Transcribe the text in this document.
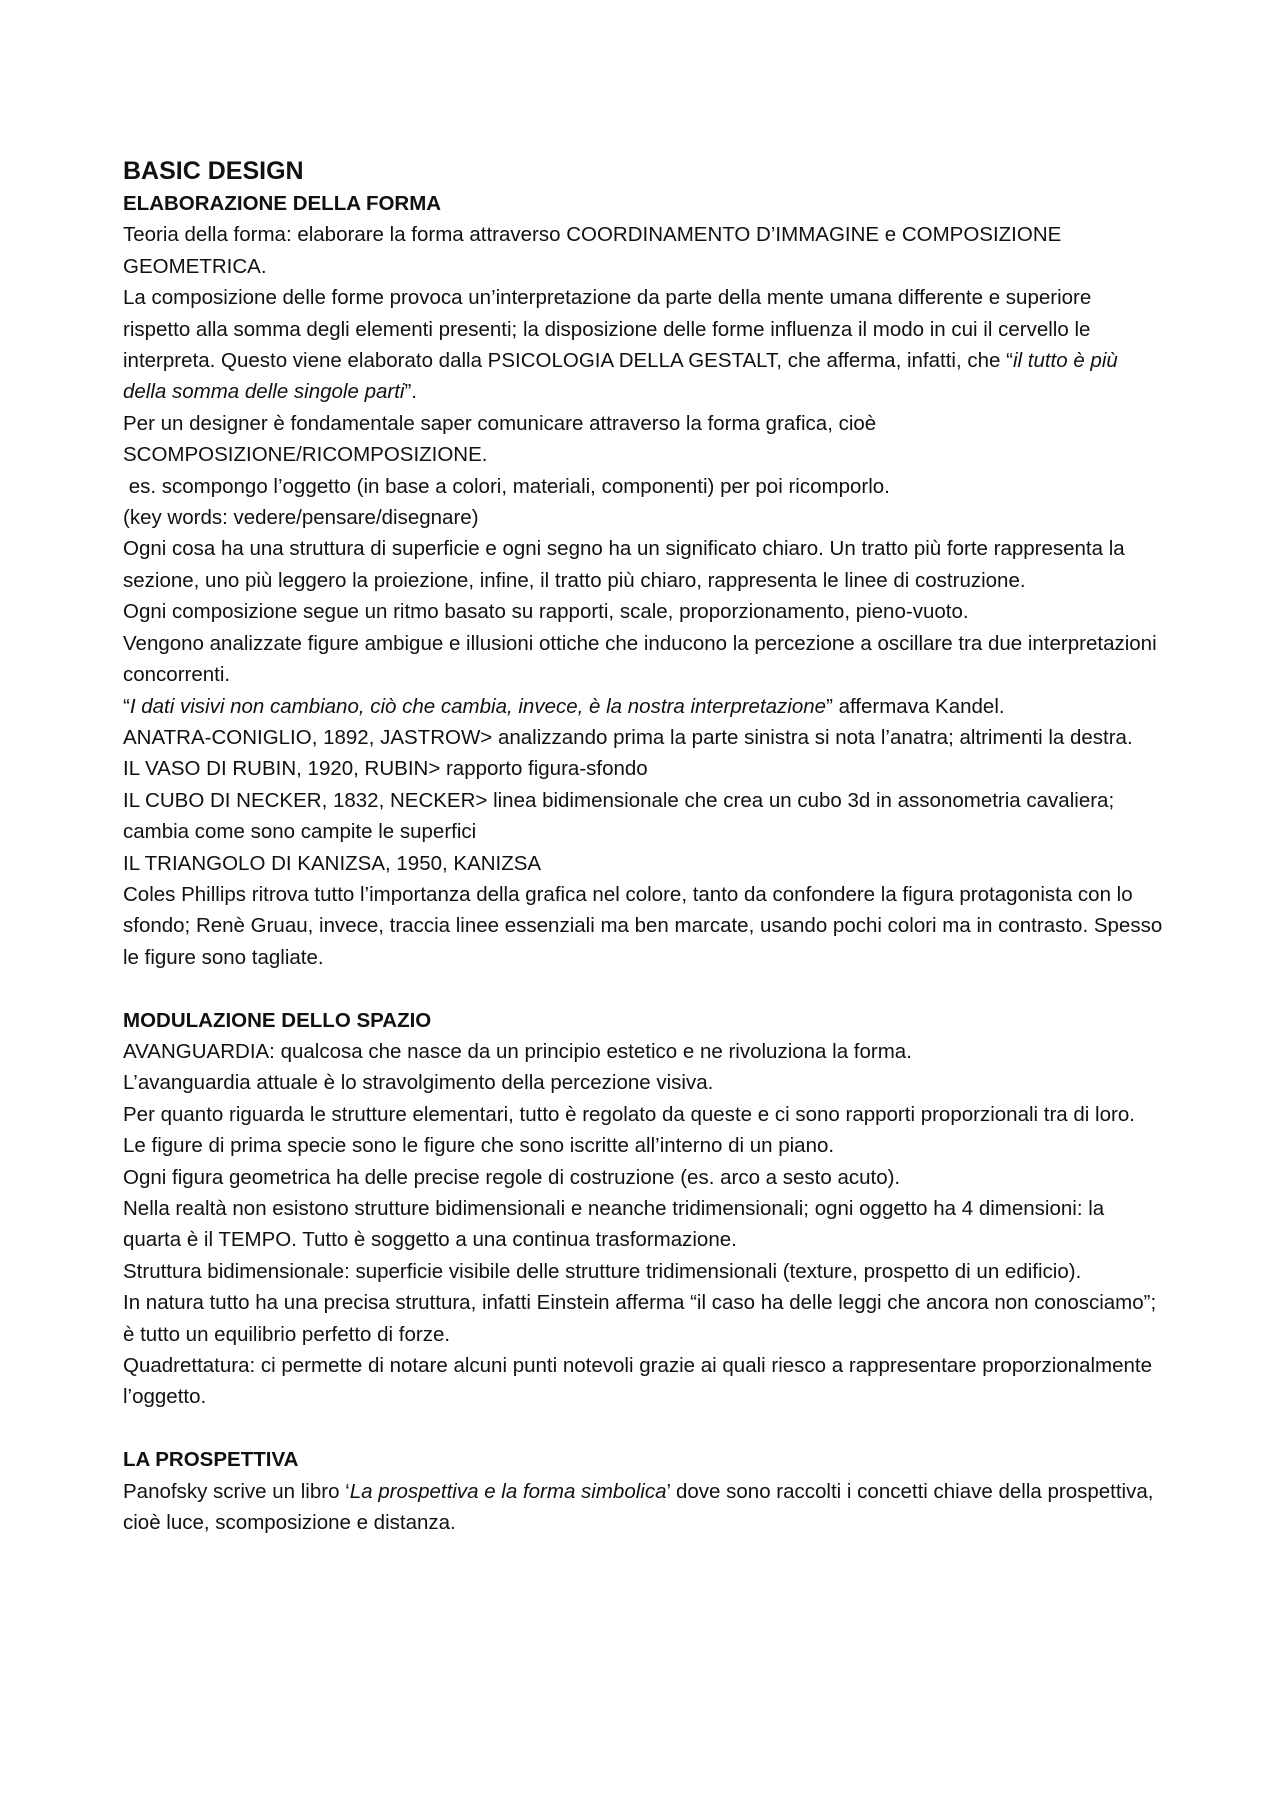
BASIC DESIGN
ELABORAZIONE DELLA FORMA

Teoria della forma: elaborare la forma attraverso COORDINAMENTO D’IMMAGINE e COMPOSIZIONE GEOMETRICA.

La composizione delle forme provoca un’interpretazione da parte della mente umana differente e superiore rispetto alla somma degli elementi presenti; la disposizione delle forme influenza il modo in cui il cervello le interpreta. Questo viene elaborato dalla PSICOLOGIA DELLA GESTALT, che afferma, infatti, che “il tutto è più della somma delle singole parti”.

Per un designer è fondamentale saper comunicare attraverso la forma grafica, cioè SCOMPOSIZIONE/RICOMPOSIZIONE.

es. scompongo l’oggetto (in base a colori, materiali, componenti) per poi ricomporlo.

(key words: vedere/pensare/disegnare)

Ogni cosa ha una struttura di superficie e ogni segno ha un significato chiaro. Un tratto più forte rappresenta la sezione, uno più leggero la proiezione, infine, il tratto più chiaro, rappresenta le linee di costruzione.

Ogni composizione segue un ritmo basato su rapporti, scale, proporzionamento, pieno-vuoto.

Vengono analizzate figure ambigue e illusioni ottiche che inducono la percezione a oscillare tra due interpretazioni concorrenti.

“I dati visivi non cambiano, ciò che cambia, invece, è la nostra interpretazione” affermava Kandel.

ANATRA-CONIGLIO, 1892, JASTROW> analizzando prima la parte sinistra si nota l’anatra; altrimenti la destra.

IL VASO DI RUBIN, 1920, RUBIN> rapporto figura-sfondo

IL CUBO DI NECKER, 1832, NECKER> linea bidimensionale che crea un cubo 3d in assonometria cavaliera; cambia come sono campite le superfici

IL TRIANGOLO DI KANIZSA, 1950, KANIZSA

Coles Phillips ritrova tutto l’importanza della grafica nel colore, tanto da confondere la figura protagonista con lo sfondo; Renè Gruau, invece, traccia linee essenziali ma ben marcate, usando pochi colori ma in contrasto. Spesso le figure sono tagliate.

MODULAZIONE DELLO SPAZIO

AVANGUARDIA: qualcosa che nasce da un principio estetico e ne rivoluziona la forma.

L’avanguardia attuale è lo stravolgimento della percezione visiva.

Per quanto riguarda le strutture elementari, tutto è regolato da queste e ci sono rapporti proporzionali tra di loro.

Le figure di prima specie sono le figure che sono iscritte all’interno di un piano.

Ogni figura geometrica ha delle precise regole di costruzione (es. arco a sesto acuto).

Nella realtà non esistono strutture bidimensionali e neanche tridimensionali; ogni oggetto ha 4 dimensioni: la quarta è il TEMPO. Tutto è soggetto a una continua trasformazione.

Struttura bidimensionale: superficie visibile delle strutture tridimensionali (texture, prospetto di un edificio).

In natura tutto ha una precisa struttura, infatti Einstein afferma “il caso ha delle leggi che ancora non conosciamo”; è tutto un equilibrio perfetto di forze.

Quadrettatura: ci permette di notare alcuni punti notevoli grazie ai quali riesco a rappresentare proporzionalmente l’oggetto.

LA PROSPETTIVA

Panofsky scrive un libro ‘La prospettiva e la forma simbolica’ dove sono raccolti i concetti chiave della prospettiva, cioè luce, scomposizione e distanza.
